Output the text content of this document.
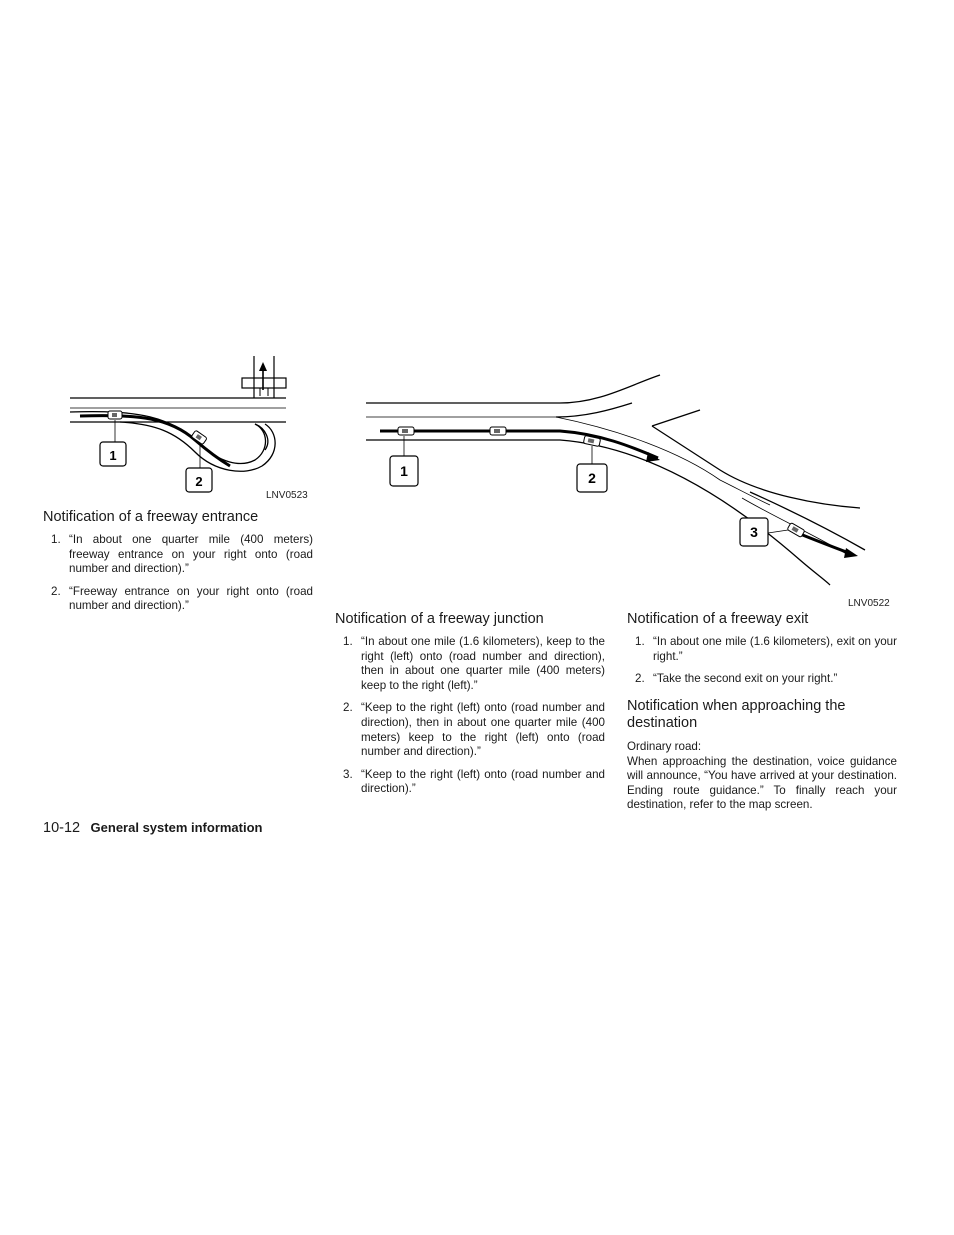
1
2
LNV0523
1	2
3
LNV0522
Notification of a freeway entrance
1. “In about one quarter mile (400 meters) freeway entrance on your right onto (road number and direction).”
2. “Freeway entrance on your right onto (road number and direction).”
Notification of a freeway junction
1. “In about one mile (1.6 kilometers), keep to the right (left) onto (road number and direction), then in about one quarter mile (400 meters) keep to the right (left).”
2. “Keep to the right (left) onto (road number and direction), then in about one quarter mile (400 meters) keep to the right (left) onto (road number and direction).”
3. “Keep to the right (left) onto (road number and direction).”
Notification of a freeway exit
1. “In about one mile (1.6 kilometers), exit on your right.”
2. “Take the second exit on your right.”
Notification when approaching the destination
Ordinary road:
When approaching the destination, voice guidance will announce, “You have arrived at your destination. Ending route guidance.” To finally reach your destination, refer to the map screen.
10-12 General system information
